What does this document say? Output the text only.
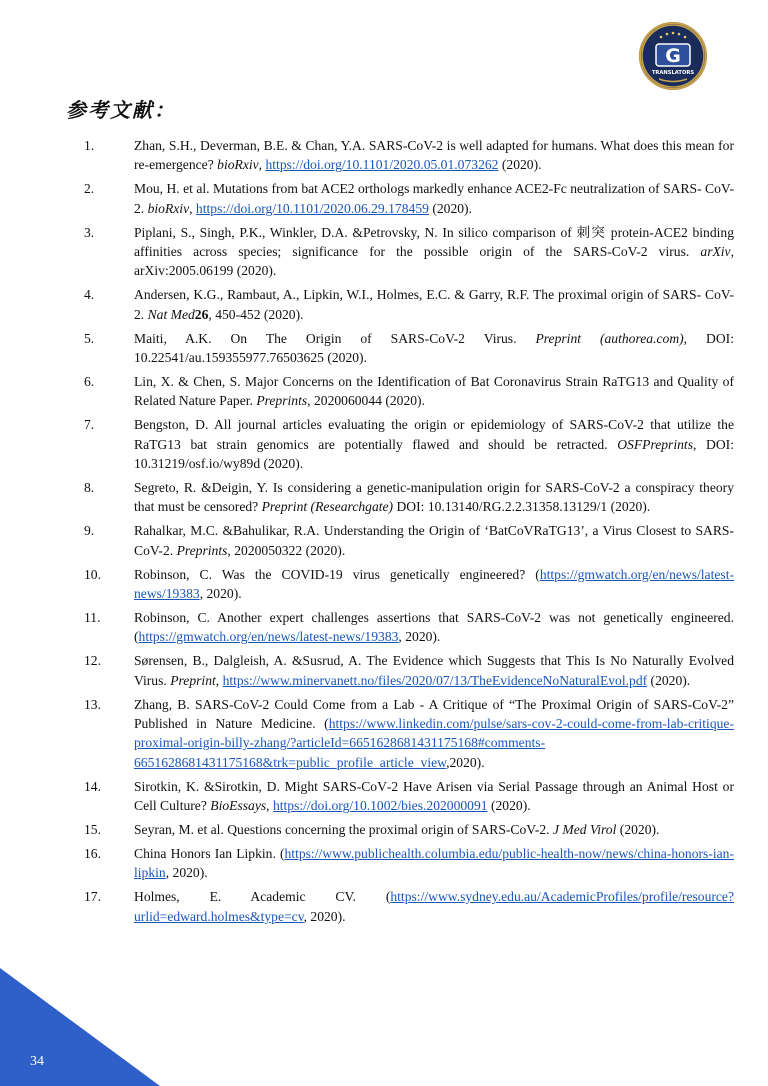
G
TRANSLATORS
参考文献：
1.	Zhan, S.H., Deverman, B.E. & Chan, Y.A. SARS-CoV-2 is well adapted for humans. What does this mean for re-emergence? bioRxiv, https://doi.org/10.1101/2020.05.01.073262 (2020).
2.	Mou, H. et al. Mutations from bat ACE2 orthologs markedly enhance ACE2-Fc neutralization of SARS- CoV-2. bioRxiv, https://doi.org/10.1101/2020.06.29.178459 (2020).
3.	Piplani, S., Singh, P.K., Winkler, D.A. &Petrovsky, N. In silico comparison of 刺突 protein-ACE2 binding affinities across species; significance for the possible origin of the SARS-CoV-2 virus. arXiv, arXiv:2005.06199 (2020).
4.	Andersen, K.G., Rambaut, A., Lipkin, W.I., Holmes, E.C. & Garry, R.F. The proximal origin of SARS- CoV-2. Nat Med26, 450-452 (2020).
5.	Maiti, A.K. On The Origin of SARS-CoV-2 Virus. Preprint (authorea.com), DOI: 10.22541/au.159355977.76503625 (2020).
6.	Lin, X. & Chen, S. Major Concerns on the Identification of Bat Coronavirus Strain RaTG13 and Quality of Related Nature Paper. Preprints, 2020060044 (2020).
7.	Bengston, D. All journal articles evaluating the origin or epidemiology of SARS-CoV-2 that utilize the RaTG13 bat strain genomics are potentially flawed and should be retracted. OSFPreprints, DOI: 10.31219/osf.io/wy89d (2020).
8.	Segreto, R. &Deigin, Y. Is considering a genetic-manipulation origin for SARS-CoV-2 a conspiracy theory that must be censored? Preprint (Researchgate) DOI: 10.13140/RG.2.2.31358.13129/1 (2020).
9.	Rahalkar, M.C. &Bahulikar, R.A. Understanding the Origin of ‘BatCoVRaTG13’, a Virus Closest to SARS-CoV-2. Preprints, 2020050322 (2020).
10.	Robinson, C. Was the COVID-19 virus genetically engineered? (https://gmwatch.org/en/news/latest- news/19383, 2020).
11.	Robinson, C. Another expert challenges assertions that SARS-CoV-2 was not genetically engineered. (https://gmwatch.org/en/news/latest-news/19383, 2020).
12.	Sørensen, B., Dalgleish, A. &Susrud, A. The Evidence which Suggests that This Is No Naturally Evolved Virus. Preprint, https://www.minervanett.no/files/2020/07/13/TheEvidenceNoNaturalEvol.pdf (2020).
13.	Zhang, B. SARS-CoV-2 Could Come from a Lab - A Critique of “The Proximal Origin of SARS-CoV-2” Published in Nature Medicine. (https://www.linkedin.com/pulse/sars-cov-2-could-come-from-lab-critique-proximal-origin-billy-zhang/?articleId=6651628681431175168#comments-6651628681431175168&trk=public_profile_article_view,2020).
14.	Sirotkin, K. &Sirotkin, D. Might SARS‐CoV‐2 Have Arisen via Serial Passage through an Animal Host or Cell Culture? BioEssays, https://doi.org/10.1002/bies.202000091 (2020).
15.	Seyran, M. et al. Questions concerning the proximal origin of SARS-CoV-2. J Med Virol (2020).
16.	China Honors Ian Lipkin. (https://www.publichealth.columbia.edu/public-health-now/news/china-honors-ian-lipkin, 2020).
17.	Holmes, E. Academic CV. (https://www.sydney.edu.au/AcademicProfiles/profile/resource?urlid=edward.holmes&type=cv, 2020).
34
